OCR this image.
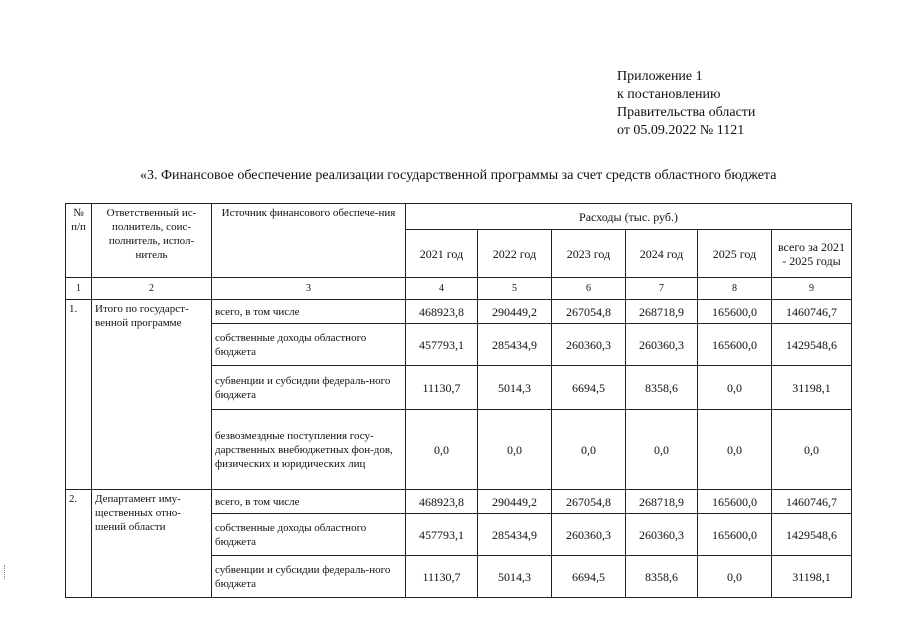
Приложение 1
к постановлению
Правительства области
от 05.09.2022 № 1121
«3. Финансовое обеспечение реализации государственной программы за счет средств областного бюджета
№ п/п	Ответственный ис-полнитель, соис-полнитель, испол-нитель	Источник финансового обеспече-ния	Расходы (тыс. руб.)					
			2021 год	2022 год	2023 год	2024 год	2025 год	всего за 2021 - 2025 годы
1	2	3	4	5	6	7	8	9
1.	Итого по государст-венной программе	всего, в том числе	468923,8	290449,2	267054,8	268718,9	165600,0	1460746,7
		собственные доходы областного бюджета	457793,1	285434,9	260360,3	260360,3	165600,0	1429548,6
		субвенции и субсидии федераль-ного бюджета	11130,7	5014,3	6694,5	8358,6	0,0	31198,1
		безвозмездные поступления госу-дарственных внебюджетных фон-дов, физических и юридических лиц	0,0	0,0	0,0	0,0	0,0	0,0
2.	Департамент иму-щественных отно-шений области	всего, в том числе	468923,8	290449,2	267054,8	268718,9	165600,0	1460746,7
		собственные доходы областного бюджета	457793,1	285434,9	260360,3	260360,3	165600,0	1429548,6
		субвенции и субсидии федераль-ного бюджета	11130,7	5014,3	6694,5	8358,6	0,0	31198,1
